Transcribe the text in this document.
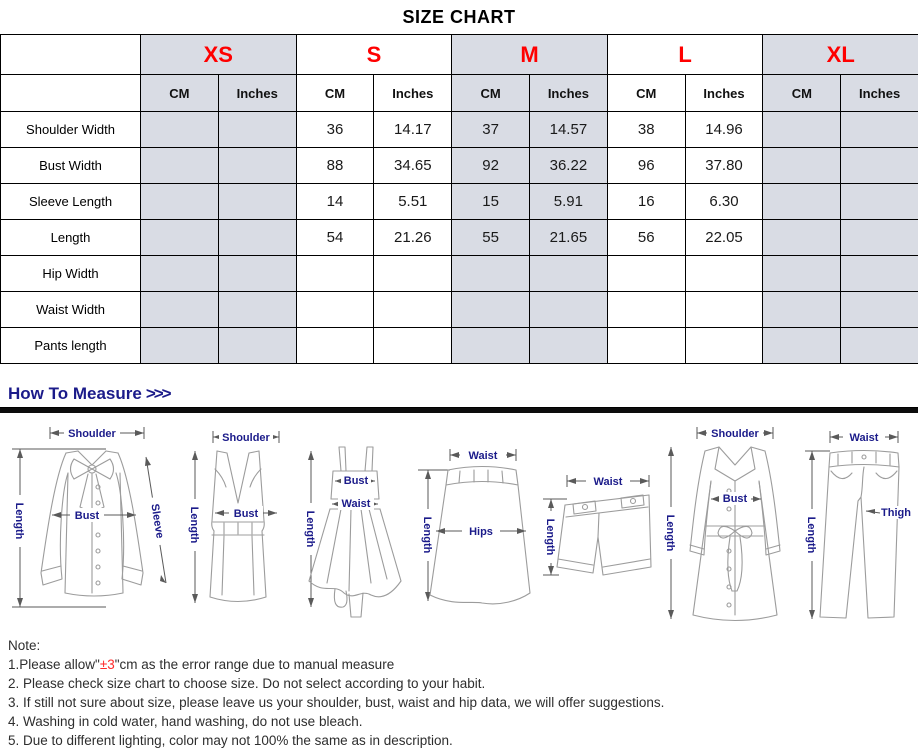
SIZE CHART
	XS		S		M		L		XL	
	CM	Inches	CM	Inches	CM	Inches	CM	Inches	CM	Inches
Shoulder Width			36	14.17	37	14.57	38	14.96		
Bust Width			88	34.65	92	36.22	96	37.80		
Sleeve Length			14	5.51	15	5.91	16	6.30		
Length			54	21.26	55	21.65	56	22.05		
Hip Width										
Waist Width										
Pants length										
How To Measure >>>
Shoulder
Length	Bust	Sleeve
Shoulder
Length	Bust	Length
Bust
Waist
Waist
Length	Hips
Waist
Length
Shoulder
Length
Bust
Waist
Length
Thigh
Note:
1.Please allow"±3"cm as the error range due to manual measure
2. Please check size chart to choose size. Do not select according to your habit.
3. If still not sure about size, please leave us your shoulder, bust, waist and hip data, we will offer suggestions.
4. Washing in cold water, hand washing, do not use bleach.
5. Due to different lighting, color may not 100% the same as in description.
